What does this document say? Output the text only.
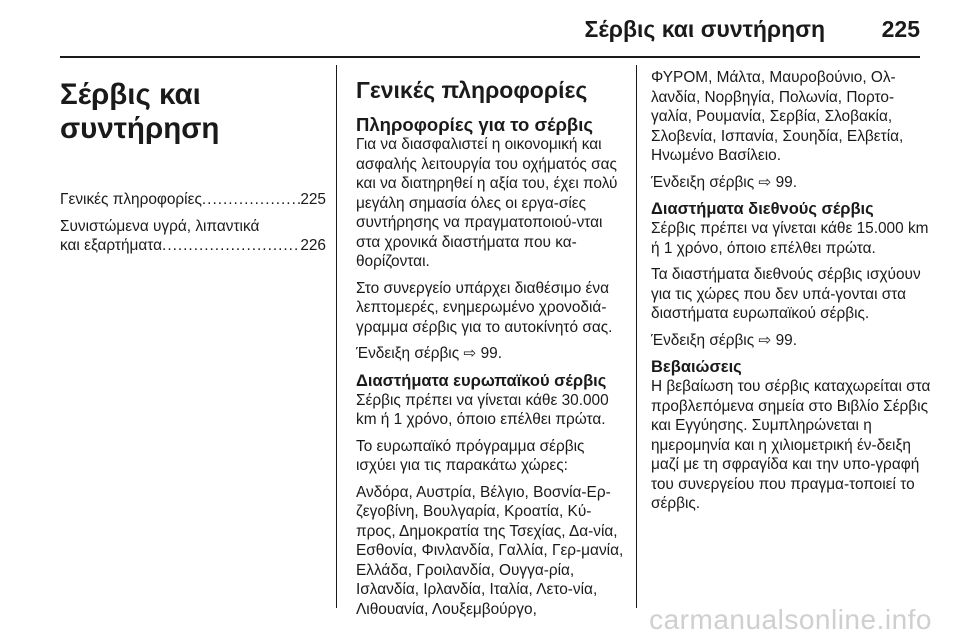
Σέρβις και συντήρηση 225
Σέρβις και
συντήρηση
Γενικές πληροφορίες .....	225
Συνιστώμενα υγρά, λιπαντικά
και εξαρτήματα .....	226
Γενικές πληροφορίες
Πληροφορίες για το σέρβις

Για να διασφαλιστεί η οικονομική και ασφαλής λειτουργία του οχήματός σας και να διατηρηθεί η αξία του, έχει πολύ μεγάλη σημασία όλες οι εργα-σίες συντήρησης να πραγματοποιού-νται στα χρονικά διαστήματα που κα-θορίζονται.

Στο συνεργείο υπάρχει διαθέσιμο ένα λεπτομερές, ενημερωμένο χρονοδιά-γραμμα σέρβις για το αυτοκίνητό σας.

Ένδειξη σέρβις ⇨ 99.

Διαστήματα ευρωπαϊκού σέρβις

Σέρβις πρέπει να γίνεται κάθε 30.000 km ή 1 χρόνο, όποιο επέλθει πρώτα.

Το ευρωπαϊκό πρόγραμμα σέρβις ισχύει για τις παρακάτω χώρες:

Ανδόρα, Αυστρία, Βέλγιο, Βοσνία-Ερ-ζεγοβίνη, Βουλγαρία, Κροατία, Κύ-προς, Δημοκρατία της Τσεχίας, Δα-νία, Εσθονία, Φινλανδία, Γαλλία, Γερ-μανία, Ελλάδα, Γροιλανδία, Ουγγα-ρία, Ισλανδία, Ιρλανδία, Ιταλία, Λετο-νία, Λιθουανία, Λουξεμβούργο,

ΦΥΡΟΜ, Μάλτα, Μαυροβούνιο, Ολ-λανδία, Νορβηγία, Πολωνία, Πορτο-γαλία, Ρουμανία, Σερβία, Σλοβακία, Σλοβενία, Ισπανία, Σουηδία, Ελβετία, Ηνωμένο Βασίλειο.

Ένδειξη σέρβις ⇨ 99.

Διαστήματα διεθνούς σέρβις

Σέρβις πρέπει να γίνεται κάθε 15.000 km ή 1 χρόνο, όποιο επέλθει πρώτα.

Τα διαστήματα διεθνούς σέρβις ισχύουν για τις χώρες που δεν υπά-γονται στα διαστήματα ευρωπαϊκού σέρβις.

Ένδειξη σέρβις ⇨ 99.

Βεβαιώσεις

Η βεβαίωση του σέρβις καταχωρείται στα προβλεπόμενα σημεία στο Βιβλίο Σέρβις και Εγγύησης. Συμπληρώνεται η ημερομηνία και η χιλιομετρική έν-δειξη μαζί με τη σφραγίδα και την υπο-γραφή του συνεργείου που πραγμα-τοποιεί το σέρβις.

carmanualsonline.info
